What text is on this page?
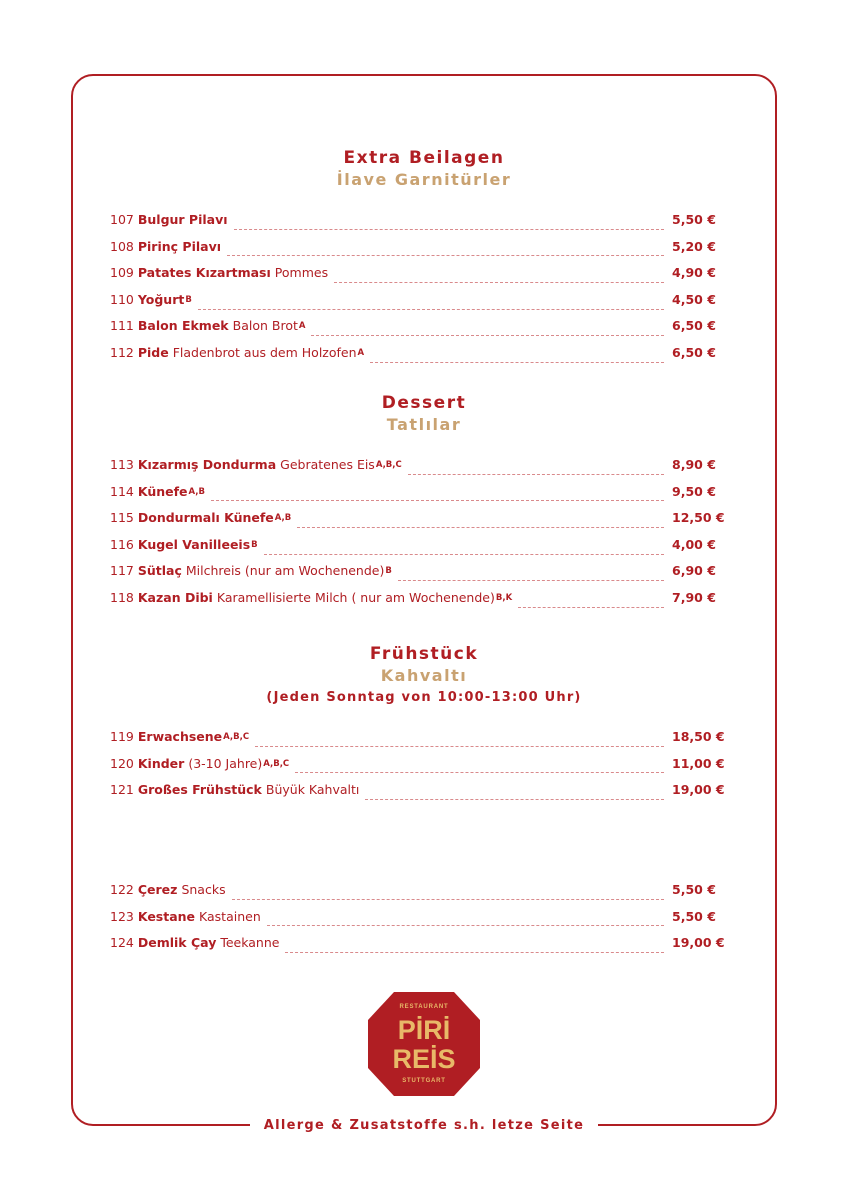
Extra Beilagen
İlave Garnitürler
107 Bulgur Pilavı	5,50 €
108 Pirinç Pilavı	5,20 €
109 Patates Kızartması Pommes	4,90 €
110 Yoğurt$^B$	4,50 €
111 Balon Ekmek Balon Brot$^A$	6,50 €
112 Pide Fladenbrot aus dem Holzofen$^A$	6,50 €
Dessert
Tatlılar
113 Kızarmış Dondurma Gebratenes Eis$^{A,B,C}$	8,90 €
114 Künefe$^{A,B}$	9,50 €
115 Dondurmalı Künefe$^{A,B}$	12,50 €
116 Kugel Vanilleeis$^B$	4,00 €
117 Sütlaç Milchreis (nur am Wochenende)$^B$	6,90 €
118 Kazan Dibi Karamellisierte Milch ( nur am Wochenende)$^{B,K}$	7,90 €
Frühstück
Kahvaltı
(Jeden Sonntag von 10:00-13:00 Uhr)
119 Erwachsene$^{A,B,C}$	18,50 €
120 Kinder (3-10 Jahre)$^{A,B,C}$	11,00 €
121 Großes Frühstück Büyük Kahvaltı	19,00 €
122 Çerez Snacks	5,50 €
123 Kestane Kastainen	5,50 €
124 Demlik Çay Teekanne	19,00 €
RESTAURANT
PİRİ
REİS
STUTTGART
Allerge & Zusatstoffe s.h. letze Seite
